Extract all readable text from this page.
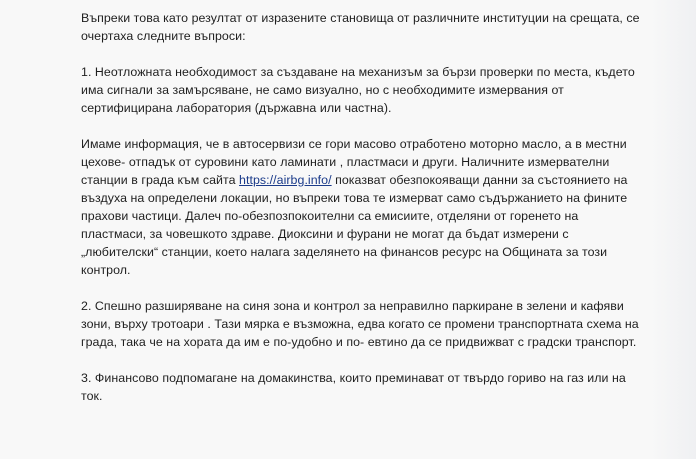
Въпреки това като резултат от изразените становища от различните институции на срещата, се
очертаха следните въпроси:
1. Неотложната необходимост за създаване на механизъм за бързи проверки по места, където
има сигнали за замърсяване, не само визуално, но с необходимите измервания от
сертифицирана лаборатория (държавна или частна).
Имаме информация, че в автосервизи се гори масово отработено моторно масло, а в местни
цехове- отпадък от суровини като ламинати , пластмаси и други. Наличните измервателни
станции в града към сайта https://airbg.info/ показват обезпокояващи данни за състоянието на
въздуха на определени локации, но въпреки това те измерват само съдържанието на фините
прахови частици. Далеч по-обезпозпокоителни са емисиите, отделяни от горенето на
пластмаси, за човешкото здраве. Диоксини и фурани не могат да бъдат измерени с
„любителски“ станции, което налага заделянето на финансов ресурс на Общината за този
контрол.
2. Спешно разширяване на синя зона и контрол за неправилно паркиране в зелени и кафяви
зони, върху тротоари . Тази мярка е възможна, едва когато се промени транспортната схема на
града, така че на хората да им е по-удобно и по- евтино да се придвижват с градски транспорт.
3. Финансово подпомагане на домакинства, които преминават от твърдо гориво на газ или на
ток.
